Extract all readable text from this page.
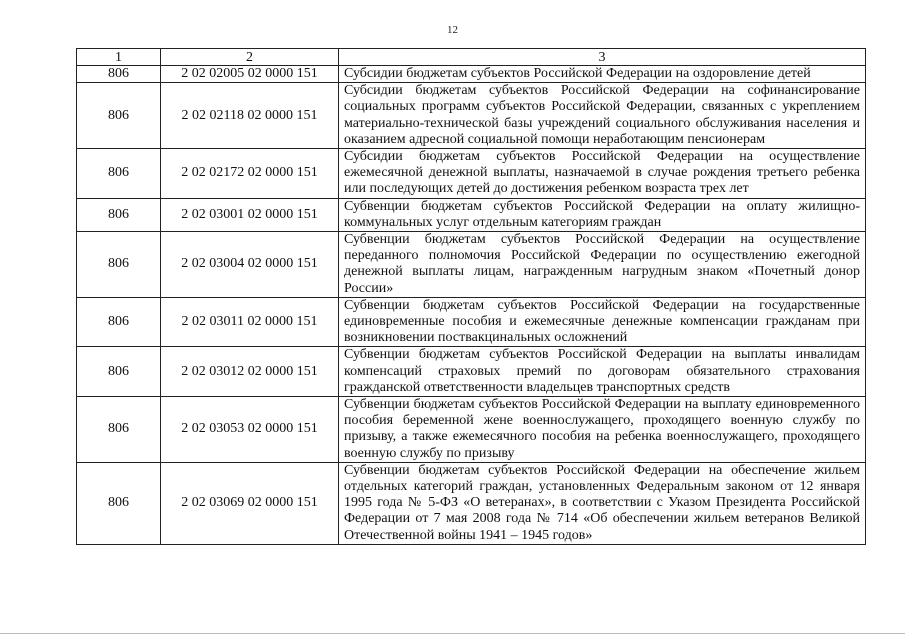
12
1	2	3
806	2 02 02005 02 0000 151	Субсидии бюджетам субъектов Российской Федерации на оздоровление детей
806	2 02 02118 02 0000 151	Субсидии бюджетам субъектов Российской Федерации на софинансирование социальных программ субъектов Российской Федерации, связанных с укреплением материально-технической базы учреждений социального обслуживания населения и оказанием адресной социальной помощи неработающим пенсионерам
806	2 02 02172 02 0000 151	Субсидии бюджетам субъектов Российской Федерации на осуществление ежемесячной денежной выплаты, назначаемой в случае рождения третьего ребенка или последующих детей до достижения ребенком возраста трех лет
806	2 02 03001 02 0000 151	Субвенции бюджетам субъектов Российской Федерации на оплату жилищно-коммунальных услуг отдельным категориям граждан
806	2 02 03004 02 0000 151	Субвенции бюджетам субъектов Российской Федерации на осуществление переданного полномочия Российской Федерации по осуществлению ежегодной денежной выплаты лицам, награжденным нагрудным знаком «Почетный донор России»
806	2 02 03011 02 0000 151	Субвенции бюджетам субъектов Российской Федерации на государственные единовременные пособия и ежемесячные денежные компенсации гражданам при возникновении поствакцинальных осложнений
806	2 02 03012 02 0000 151	Субвенции бюджетам субъектов Российской Федерации на выплаты инвалидам компенсаций страховых премий по договорам обязательного страхования гражданской ответственности владельцев транспортных средств
806	2 02 03053 02 0000 151	Субвенции бюджетам субъектов Российской Федерации на выплату единовременного пособия беременной жене военнослужащего, проходящего военную службу по призыву, а также ежемесячного пособия на ребенка военнослужащего, проходящего военную службу по призыву
806	2 02 03069 02 0000 151	Субвенции бюджетам субъектов Российской Федерации на обеспечение жильем отдельных категорий граждан, установленных Федеральным законом от 12 января 1995 года № 5-ФЗ «О ветеранах», в соответствии с Указом Президента Российской Федерации от 7 мая 2008 года № 714 «Об обеспечении жильем ветеранов Великой Отечественной войны 1941 – 1945 годов»
